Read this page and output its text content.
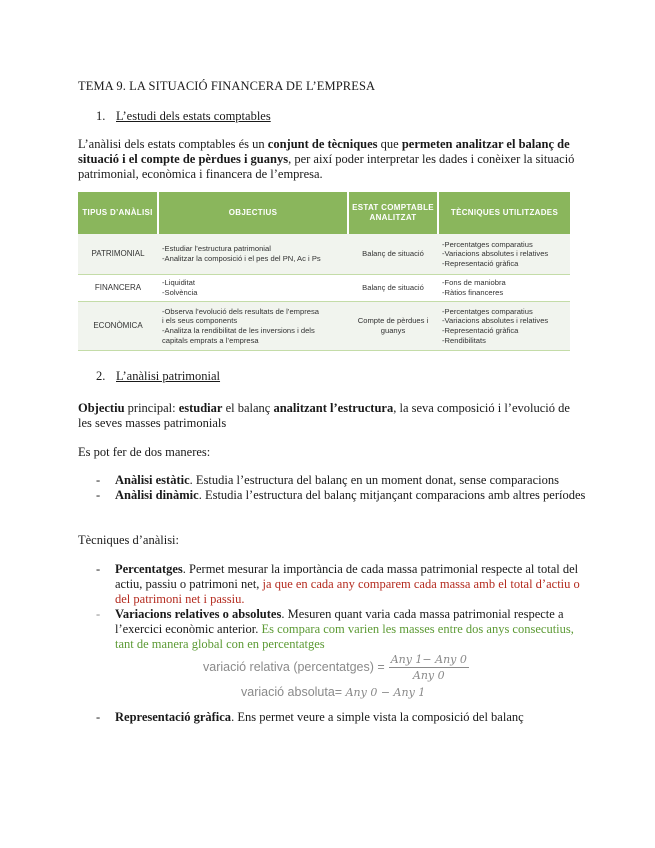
TEMA 9. LA SITUACIÓ FINANCERA DE L’EMPRESA
1. L’estudi dels estats comptables
L’anàlisi dels estats comptables és un conjunt de tècniques que permeten analitzar el balanç de situació i el compte de pèrdues i guanys, per així poder interpretar les dades i conèixer la situació patrimonial, econòmica i financera de l’empresa.
TIPUS D’ANÀLISI	OBJECTIUS	ESTAT COMPTABLE ANALITZAT	TÈCNIQUES UTILITZADES
PATRIMONIAL	-Estudiar l’estructura patrimonial
-Analitzar la composició i el pes del PN, Ac i Ps	Balanç de situació	-Percentatges comparatius
-Variacions absolutes i relatives
-Representació gràfica

FINANCERA	-Liquiditat
-Solvència	Balanç de situació	-Fons de maniobra
-Ràtios financeres

ECONÒMICA	-Observa l’evolució dels resultats de l’empresa
i els seus components
-Analitza la rendibilitat de les inversions i dels
capitals emprats a l’empresa	Compte de pèrdues i guanys	-Percentatges comparatius
-Variacions absolutes i relatives
-Representació gràfica
-Rendibilitats
2. L’anàlisi patrimonial
Objectiu principal: estudiar el balanç analitzant l’estructura, la seva composició i l’evolució de les seves masses patrimonials
Es pot fer de dos maneres:
- Anàlisi estàtic. Estudia l’estructura del balanç en un moment donat, sense comparacions
- Anàlisi dinàmic. Estudia l’estructura del balanç mitjançant comparacions amb altres períodes
Tècniques d’anàlisi:
- Percentatges. Permet mesurar la importància de cada massa patrimonial respecte al total del actiu, passiu o patrimoni net, ja que en cada any comparem cada massa amb el total d’actiu o del patrimoni net i passiu.
- Variacions relatives o absolutes. Mesuren quant varia cada massa patrimonial respecte a l’exercici econòmic anterior. Es compara com varien les masses entre dos anys consecutius, tant de manera global con en percentatges
variació relativa (percentatges) = $\frac{\text{Any 1− Any 0}}{\text{Any 0}}$
variació absoluta= Any 0 − Any 1
- Representació gràfica. Ens permet veure a simple vista la composició del balanç
